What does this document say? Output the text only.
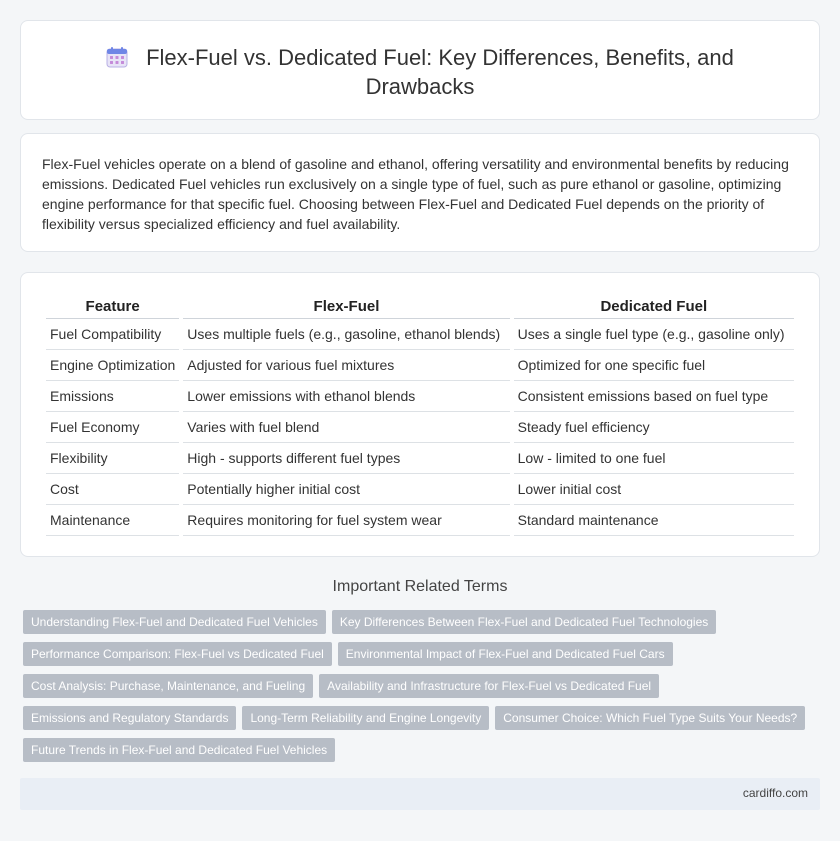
Flex-Fuel vs. Dedicated Fuel: Key Differences, Benefits, and Drawbacks

Flex-Fuel vehicles operate on a blend of gasoline and ethanol, offering versatility and environmental benefits by reducing emissions. Dedicated Fuel vehicles run exclusively on a single type of fuel, such as pure ethanol or gasoline, optimizing engine performance for that specific fuel. Choosing between Flex-Fuel and Dedicated Fuel depends on the priority of flexibility versus specialized efficiency and fuel availability.

Feature	Flex-Fuel	Dedicated Fuel
Fuel Compatibility	Uses multiple fuels (e.g., gasoline, ethanol blends)	Uses a single fuel type (e.g., gasoline only)
Engine Optimization	Adjusted for various fuel mixtures	Optimized for one specific fuel
Emissions	Lower emissions with ethanol blends	Consistent emissions based on fuel type
Fuel Economy	Varies with fuel blend	Steady fuel efficiency
Flexibility	High - supports different fuel types	Low - limited to one fuel
Cost	Potentially higher initial cost	Lower initial cost
Maintenance	Requires monitoring for fuel system wear	Standard maintenance
Important Related Terms
Understanding Flex-Fuel and Dedicated Fuel Vehicles Key Differences Between Flex-Fuel and Dedicated Fuel Technologies
Performance Comparison: Flex-Fuel vs Dedicated Fuel Environmental Impact of Flex-Fuel and Dedicated Fuel Cars
Cost Analysis: Purchase, Maintenance, and Fueling Availability and Infrastructure for Flex-Fuel vs Dedicated Fuel
Emissions and Regulatory Standards Long-Term Reliability and Engine Longevity Consumer Choice: Which Fuel Type Suits Your Needs?
Future Trends in Flex-Fuel and Dedicated Fuel Vehicles
cardiffo.com
